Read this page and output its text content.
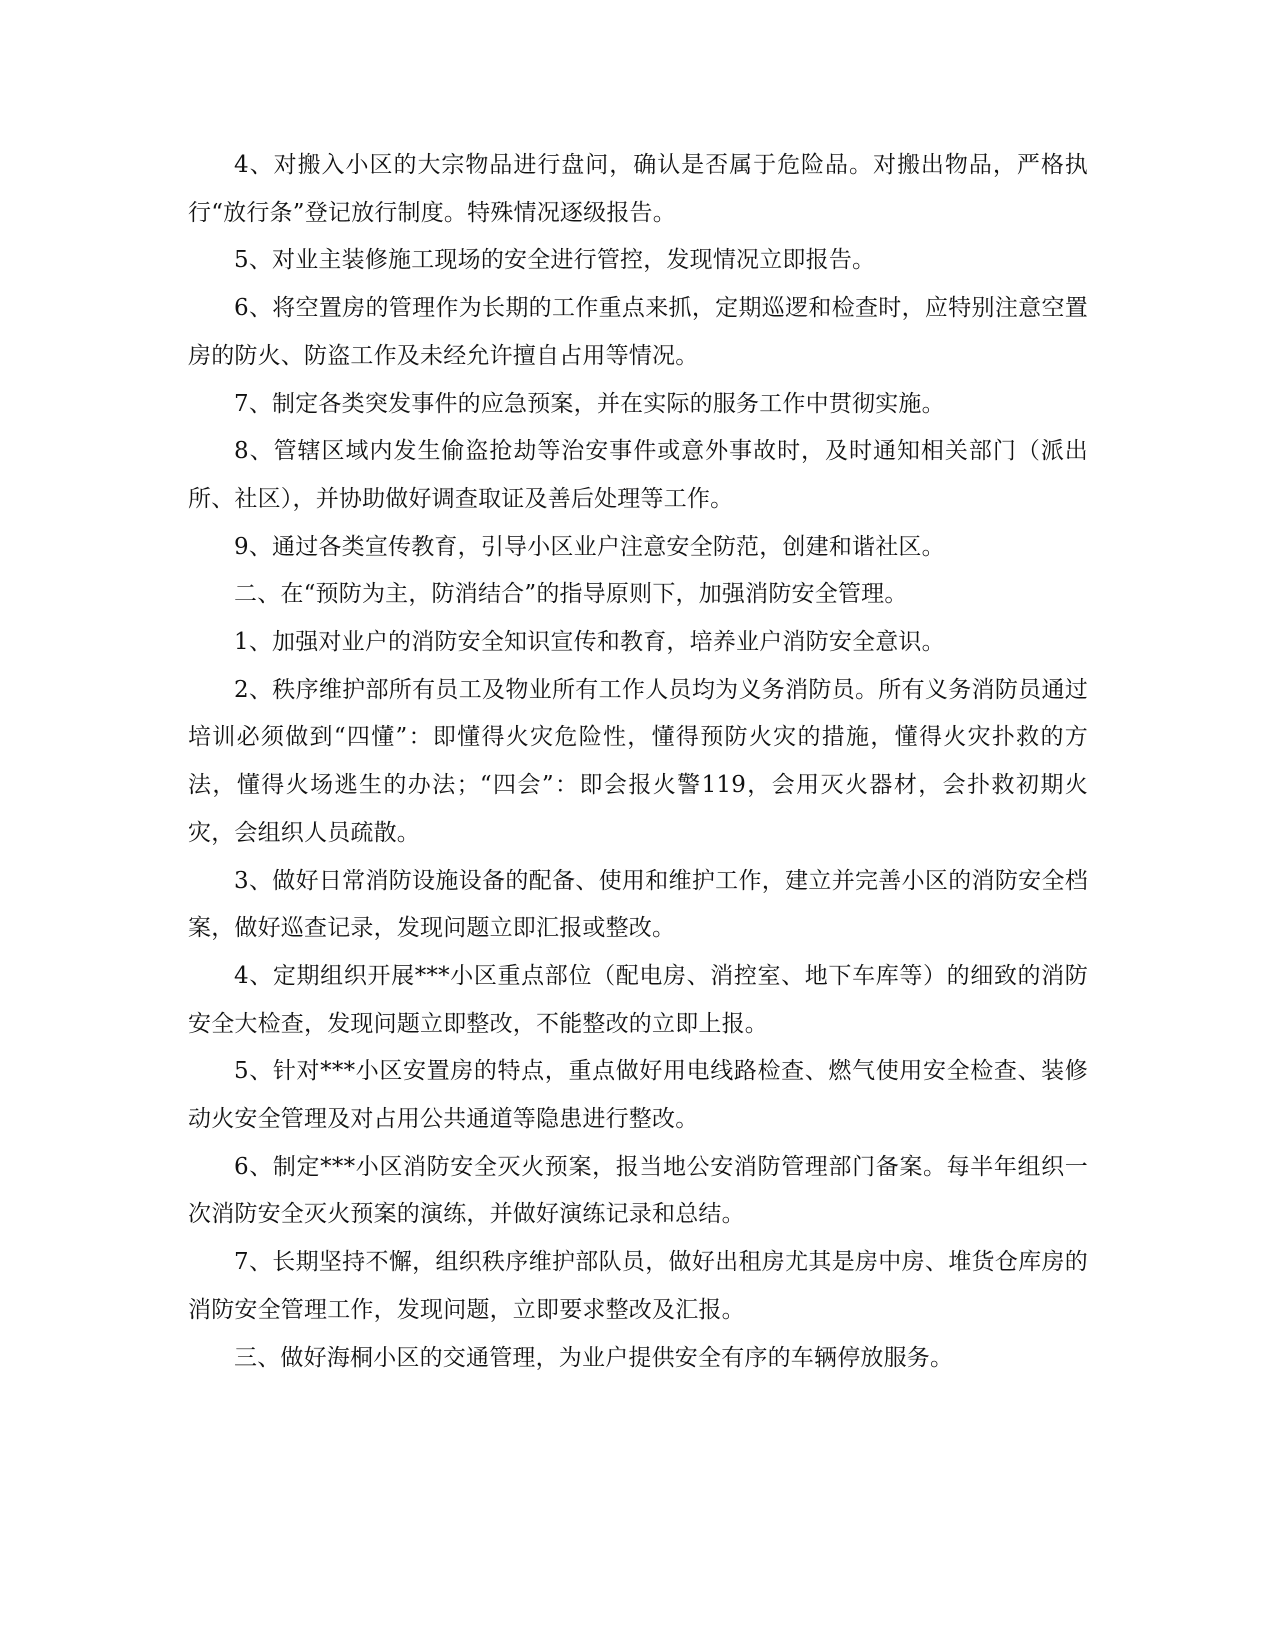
4、对搬入小区的大宗物品进行盘问，确认是否属于危险品。对搬出物品，严格执行“放行条”登记放行制度。特殊情况逐级报告。

5、对业主装修施工现场的安全进行管控，发现情况立即报告。

6、将空置房的管理作为长期的工作重点来抓，定期巡逻和检查时，应特别注意空置房的防火、防盗工作及未经允许擅自占用等情况。

7、制定各类突发事件的应急预案，并在实际的服务工作中贯彻实施。

8、管辖区域内发生偷盗抢劫等治安事件或意外事故时，及时通知相关部门（派出所、社区），并协助做好调查取证及善后处理等工作。

9、通过各类宣传教育，引导小区业户注意安全防范，创建和谐社区。

二、在“预防为主，防消结合”的指导原则下，加强消防安全管理。

1、加强对业户的消防安全知识宣传和教育，培养业户消防安全意识。

2、秩序维护部所有员工及物业所有工作人员均为义务消防员。所有义务消防员通过培训必须做到“四懂”：即懂得火灾危险性，懂得预防火灾的措施，懂得火灾扑救的方法，懂得火场逃生的办法；“四会”：即会报火警119，会用灭火器材，会扑救初期火灾，会组织人员疏散。

3、做好日常消防设施设备的配备、使用和维护工作，建立并完善小区的消防安全档案，做好巡查记录，发现问题立即汇报或整改。

4、定期组织开展***小区重点部位（配电房、消控室、地下车库等）的细致的消防安全大检查，发现问题立即整改，不能整改的立即上报。

5、针对***小区安置房的特点，重点做好用电线路检查、燃气使用安全检查、装修动火安全管理及对占用公共通道等隐患进行整改。

6、制定***小区消防安全灭火预案，报当地公安消防管理部门备案。每半年组织一次消防安全灭火预案的演练，并做好演练记录和总结。

7、长期坚持不懈，组织秩序维护部队员，做好出租房尤其是房中房、堆货仓库房的消防安全管理工作，发现问题，立即要求整改及汇报。

三、做好海桐小区的交通管理，为业户提供安全有序的车辆停放服务。
